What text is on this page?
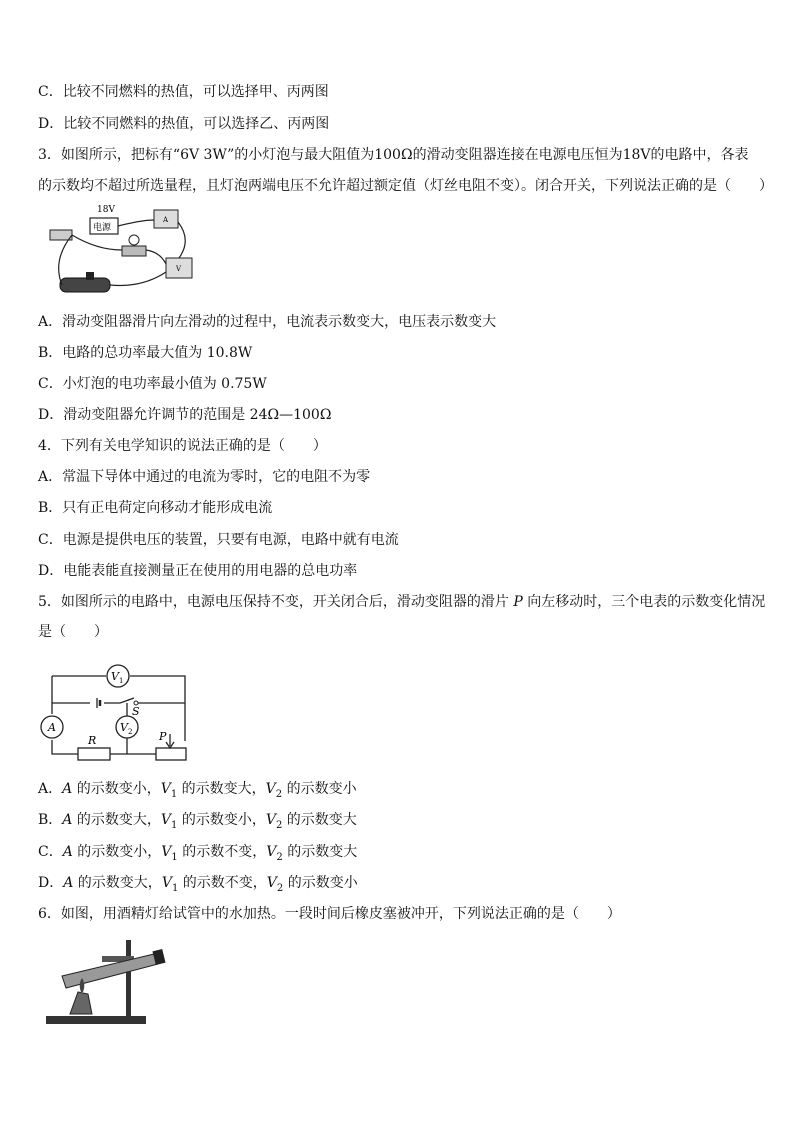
C．比较不同燃料的热值，可以选择甲、丙两图
D．比较不同燃料的热值，可以选择乙、丙两图
3．如图所示，把标有“6V 3W”的小灯泡与最大阻值为100Ω的滑动变阻器连接在电源电压恒为18V的电路中，各表
的示数均不超过所选量程，且灯泡两端电压不允许超过额定值（灯丝电阻不变）。闭合开关，下列说法正确的是（　　）
18V
电源
A
V
A．滑动变阻器滑片向左滑动的过程中，电流表示数变大，电压表示数变大
B．电路的总功率最大值为 10.8W
C．小灯泡的电功率最小值为 0.75W
D．滑动变阻器允许调节的范围是 24Ω—100Ω
4．下列有关电学知识的说法正确的是（　　）
A．常温下导体中通过的电流为零时，它的电阻不为零
B．只有正电荷定向移动才能形成电流
C．电源是提供电压的装置，只要有电源，电路中就有电流
D．电能表能直接测量正在使用的用电器的总电功率
5．如图所示的电路中，电源电压保持不变，开关闭合后，滑动变阻器的滑片 P 向左移动时，三个电表的示数变化情况
是（　　）
S
V 1
A	V 2
R	P
A．A 的示数变小，$V_1$ 的示数变大，$V_2$ 的示数变小
B．A 的示数变大，$V_1$ 的示数变小，$V_2$ 的示数变大
C．A 的示数变小，$V_1$ 的示数不变，$V_2$ 的示数变大
D．A 的示数变大，$V_1$ 的示数不变，$V_2$ 的示数变小
6．如图，用酒精灯给试管中的水加热。一段时间后橡皮塞被冲开，下列说法正确的是（　　）
